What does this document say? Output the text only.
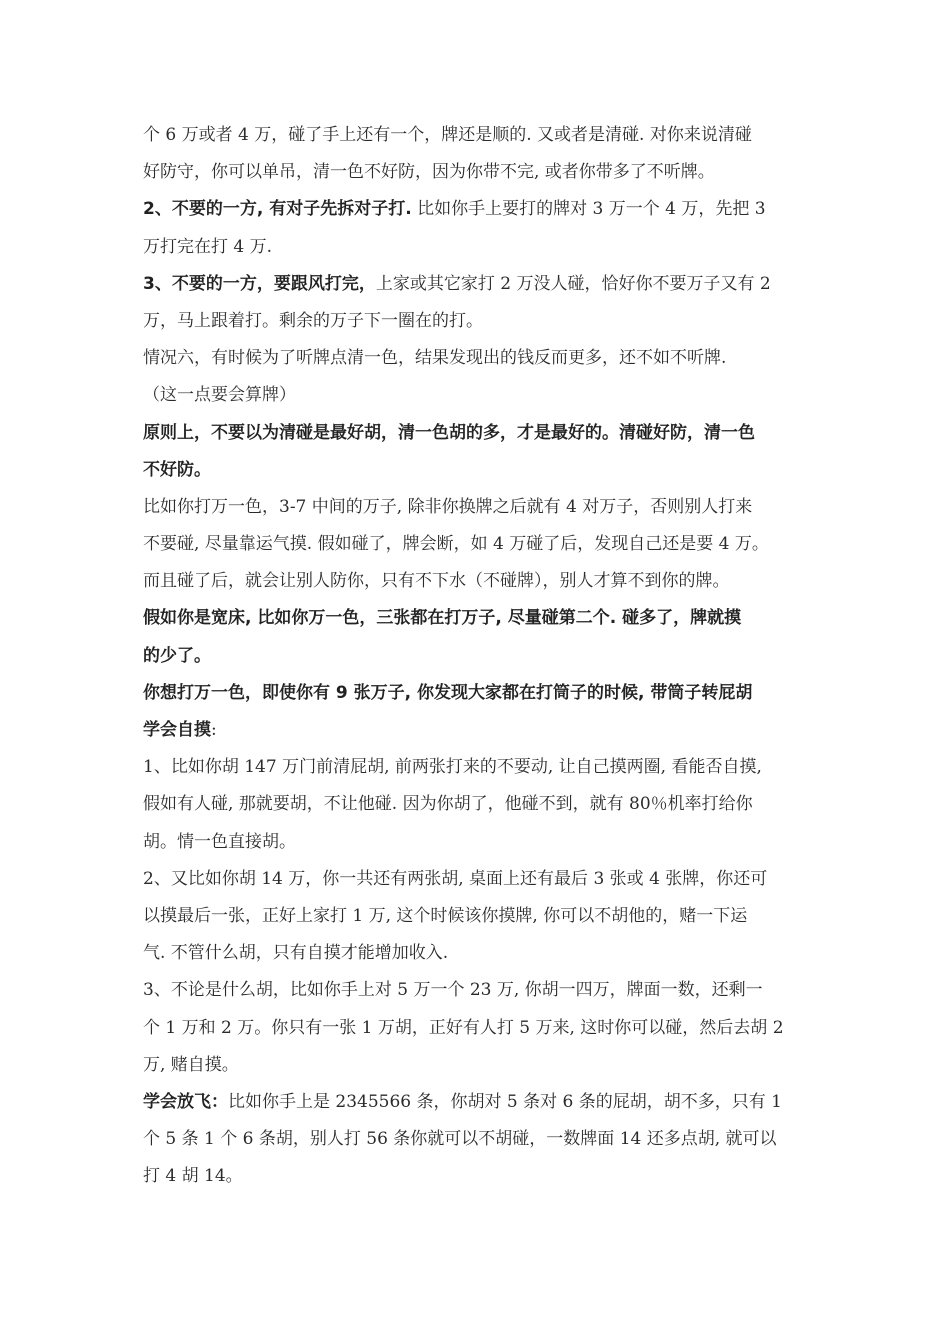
个 6 万或者 4 万，碰了手上还有一个，牌还是顺的. 又或者是清碰. 对你来说清碰
好防守，你可以单吊，清一色不好防，因为你带不完, 或者你带多了不听牌。
2、不要的一方, 有对子先拆对子打. 比如你手上要打的牌对 3 万一个 4 万，先把 3
万打完在打 4 万.
3、不要的一方，要跟风打完，上家或其它家打 2 万没人碰，恰好你不要万子又有 2
万，马上跟着打。剩余的万子下一圈在的打。
情况六，有时候为了听牌点清一色，结果发现出的钱反而更多，还不如不听牌.
（这一点要会算牌）
原则上，不要以为清碰是最好胡，清一色胡的多，才是最好的。清碰好防，清一色
不好防。
比如你打万一色，3-7 中间的万子, 除非你换牌之后就有 4 对万子，否则别人打来
不要碰, 尽量靠运气摸. 假如碰了，牌会断，如 4 万碰了后，发现自己还是要 4 万。
而且碰了后，就会让别人防你，只有不下水（不碰牌），别人才算不到你的牌。
假如你是宽床, 比如你万一色，三张都在打万子, 尽量碰第二个. 碰多了，牌就摸
的少了。
你想打万一色，即使你有 9 张万子, 你发现大家都在打筒子的时候, 带筒子转屁胡
学会自摸:
1、比如你胡 147 万门前清屁胡, 前两张打来的不要动, 让自己摸两圈, 看能否自摸,
假如有人碰, 那就要胡，不让他碰. 因为你胡了，他碰不到，就有 80％机率打给你
胡。情一色直接胡。
2、又比如你胡 14 万，你一共还有两张胡, 桌面上还有最后 3 张或 4 张牌，你还可
以摸最后一张，正好上家打 1 万, 这个时候该你摸牌, 你可以不胡他的，赌一下运
气. 不管什么胡，只有自摸才能增加收入.
3、不论是什么胡，比如你手上对 5 万一个 23 万, 你胡一四万，牌面一数，还剩一
个 1 万和 2 万。你只有一张 1 万胡，正好有人打 5 万来, 这时你可以碰，然后去胡 2
万, 赌自摸。
学会放飞：比如你手上是 2345566 条，你胡对 5 条对 6 条的屁胡，胡不多，只有 1
个 5 条 1 个 6 条胡，别人打 56 条你就可以不胡碰，一数牌面 14 还多点胡, 就可以
打 4 胡 14。
